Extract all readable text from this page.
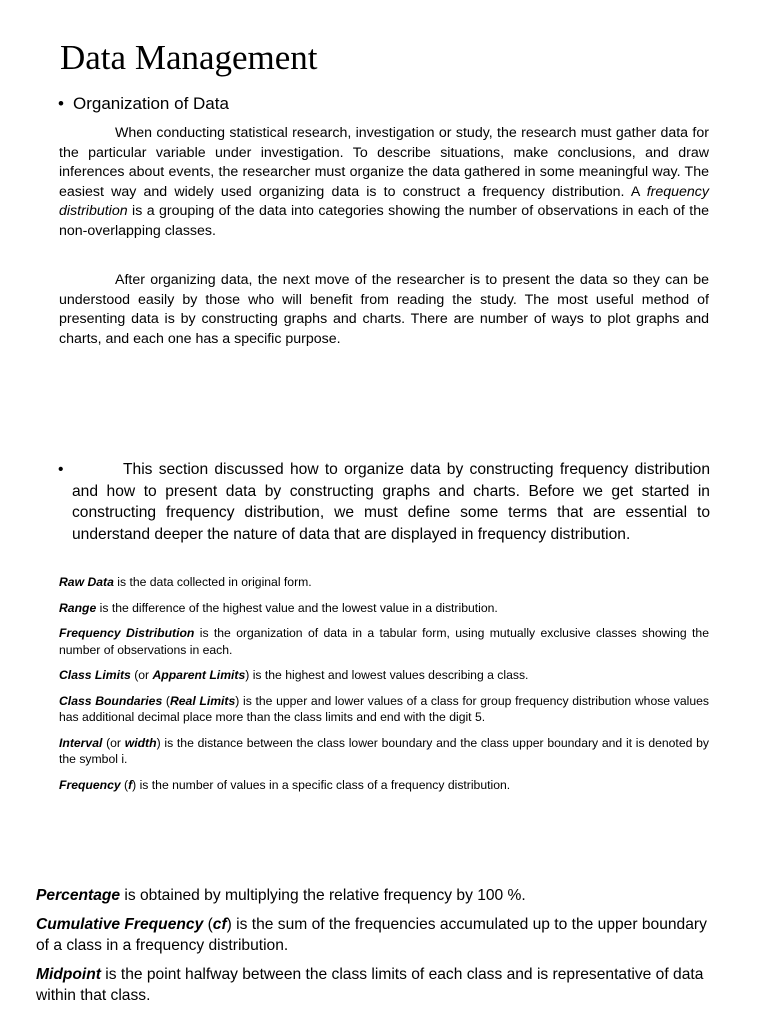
Data Management
• Organization of Data

When conducting statistical research, investigation or study, the research must gather data for the particular variable under investigation. To describe situations, make conclusions, and draw inferences about events, the researcher must organize the data gathered in some meaningful way. The easiest way and widely used organizing data is to construct a frequency distribution. A frequency distribution is a grouping of the data into categories showing the number of observations in each of the non-overlapping classes.

After organizing data, the next move of the researcher is to present the data so they can be understood easily by those who will benefit from reading the study. The most useful method of presenting data is by constructing graphs and charts. There are number of ways to plot graphs and charts, and each one has a specific purpose.

•	This section discussed how to organize data by constructing frequency distribution and how to present data by constructing graphs and charts. Before we get started in constructing frequency distribution, we must define some terms that are essential to understand deeper the nature of data that are displayed in frequency distribution.

Raw Data is the data collected in original form.

Range is the difference of the highest value and the lowest value in a distribution.

Frequency Distribution is the organization of data in a tabular form, using mutually exclusive classes showing the number of observations in each.

Class Limits (or Apparent Limits) is the highest and lowest values describing a class.

Class Boundaries (Real Limits) is the upper and lower values of a class for group frequency distribution whose values has additional decimal place more than the class limits and end with the digit 5.

Interval (or width) is the distance between the class lower boundary and the class upper boundary and it is denoted by the symbol i.

Frequency (f) is the number of values in a specific class of a frequency distribution.

Percentage is obtained by multiplying the relative frequency by 100 %.

Cumulative Frequency (cf) is the sum of the frequencies accumulated up to the upper boundary of a class in a frequency distribution.

Midpoint is the point halfway between the class limits of each class and is representative of data within that class.
